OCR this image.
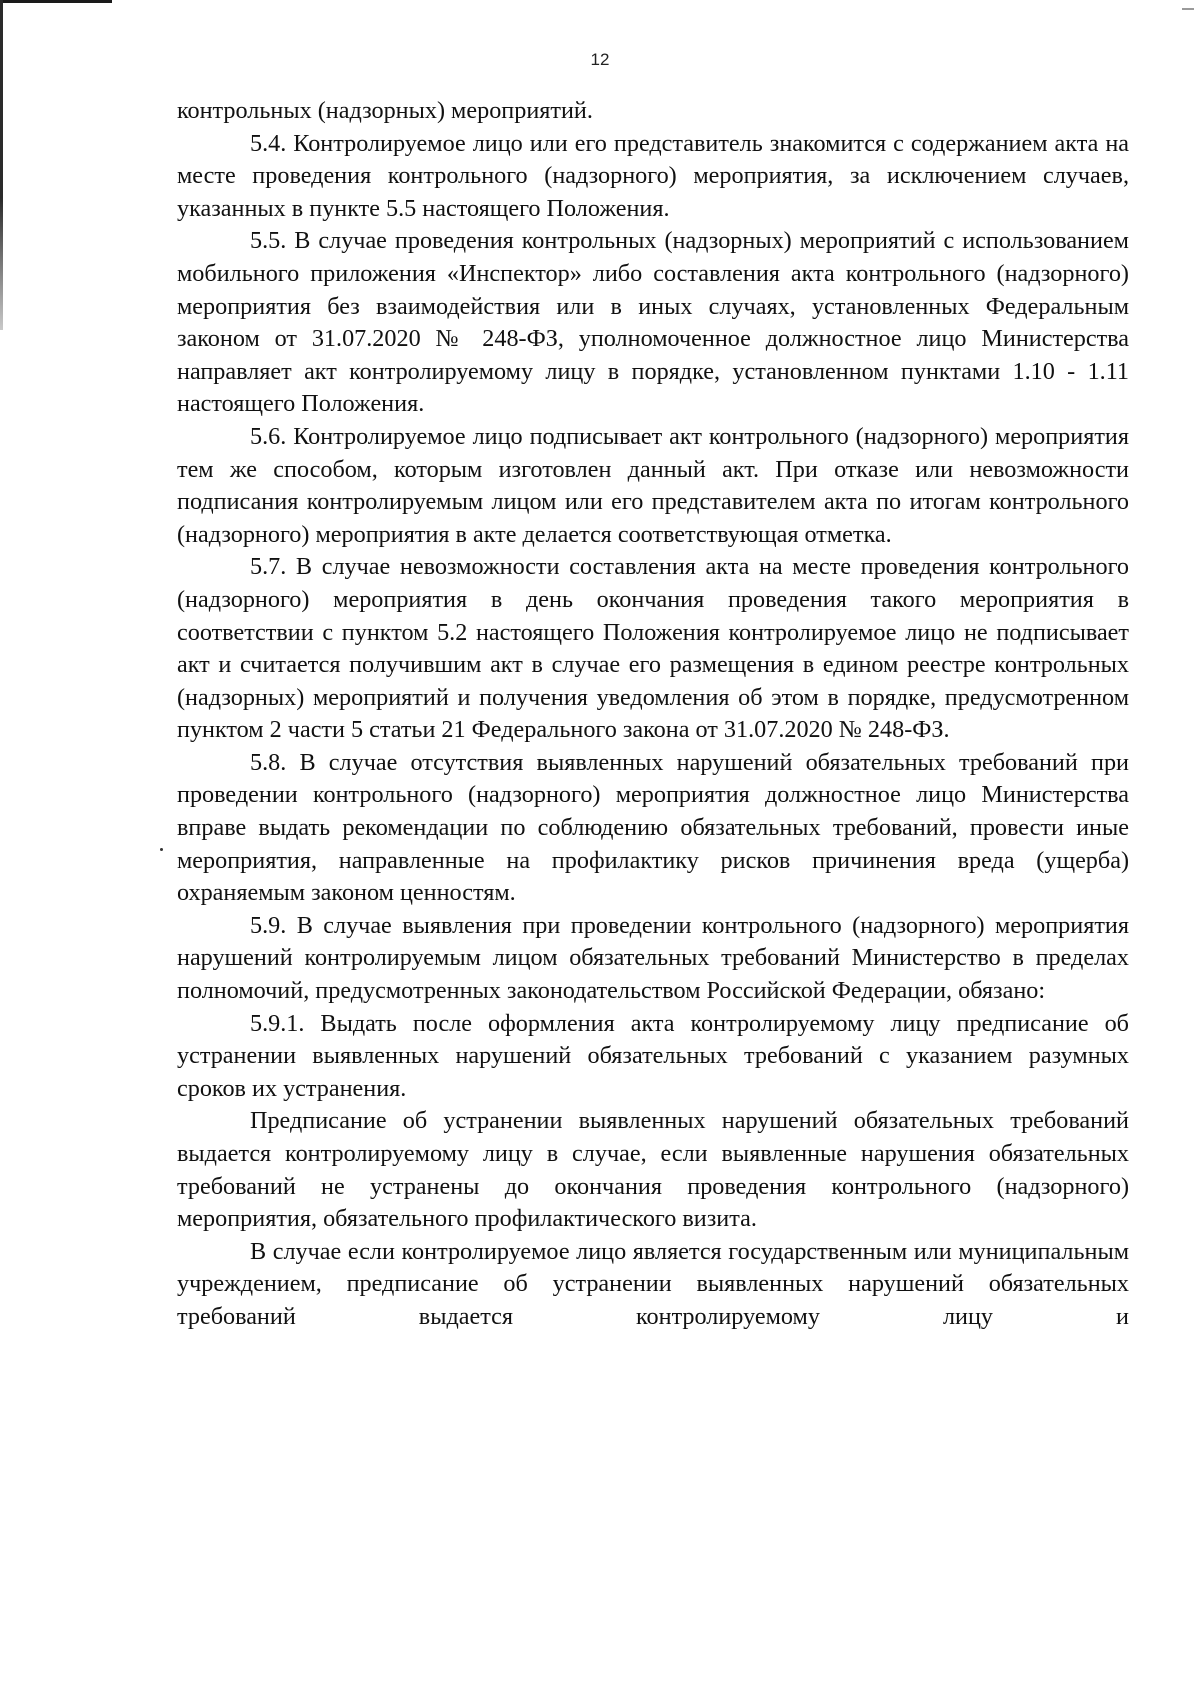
12

контрольных (надзорных) мероприятий.

5.4. Контролируемое лицо или его представитель знакомится с содержанием акта на месте проведения контрольного (надзорного) мероприятия, за исключением случаев, указанных в пункте 5.5 настоящего Положения.

5.5. В случае проведения контрольных (надзорных) мероприятий с использованием мобильного приложения «Инспектор» либо составления акта контрольного (надзорного) мероприятия без взаимодействия или в иных случаях, установленных Федеральным законом от 31.07.2020 № 248-ФЗ, уполномоченное должностное лицо Министерства направляет акт контролируемому лицу в порядке, установленном пунктами 1.10 - 1.11 настоящего Положения.

5.6. Контролируемое лицо подписывает акт контрольного (надзорного) мероприятия тем же способом, которым изготовлен данный акт. При отказе или невозможности подписания контролируемым лицом или его представителем акта по итогам контрольного (надзорного) мероприятия в акте делается соответствующая отметка.

5.7. В случае невозможности составления акта на месте проведения контрольного (надзорного) мероприятия в день окончания проведения такого мероприятия в соответствии с пунктом 5.2 настоящего Положения контролируемое лицо не подписывает акт и считается получившим акт в случае его размещения в едином реестре контрольных (надзорных) мероприятий и получения уведомления об этом в порядке, предусмотренном пунктом 2 части 5 статьи 21 Федерального закона от 31.07.2020 № 248-ФЗ.

5.8. В случае отсутствия выявленных нарушений обязательных требований при проведении контрольного (надзорного) мероприятия должностное лицо Министерства вправе выдать рекомендации по соблюдению обязательных требований, провести иные мероприятия, направленные на профилактику рисков причинения вреда (ущерба) охраняемым законом ценностям.

5.9. В случае выявления при проведении контрольного (надзорного) мероприятия нарушений контролируемым лицом обязательных требований Министерство в пределах полномочий, предусмотренных законодательством Российской Федерации, обязано:

5.9.1. Выдать после оформления акта контролируемому лицу предписание об устранении выявленных нарушений обязательных требований с указанием разумных сроков их устранения.

Предписание об устранении выявленных нарушений обязательных требований выдается контролируемому лицу в случае, если выявленные нарушения обязательных требований не устранены до окончания проведения контрольного (надзорного) мероприятия, обязательного профилактического визита.

В случае если контролируемое лицо является государственным или муниципальным учреждением, предписание об устранении выявленных нарушений обязательных требований выдается контролируемому лицу и
